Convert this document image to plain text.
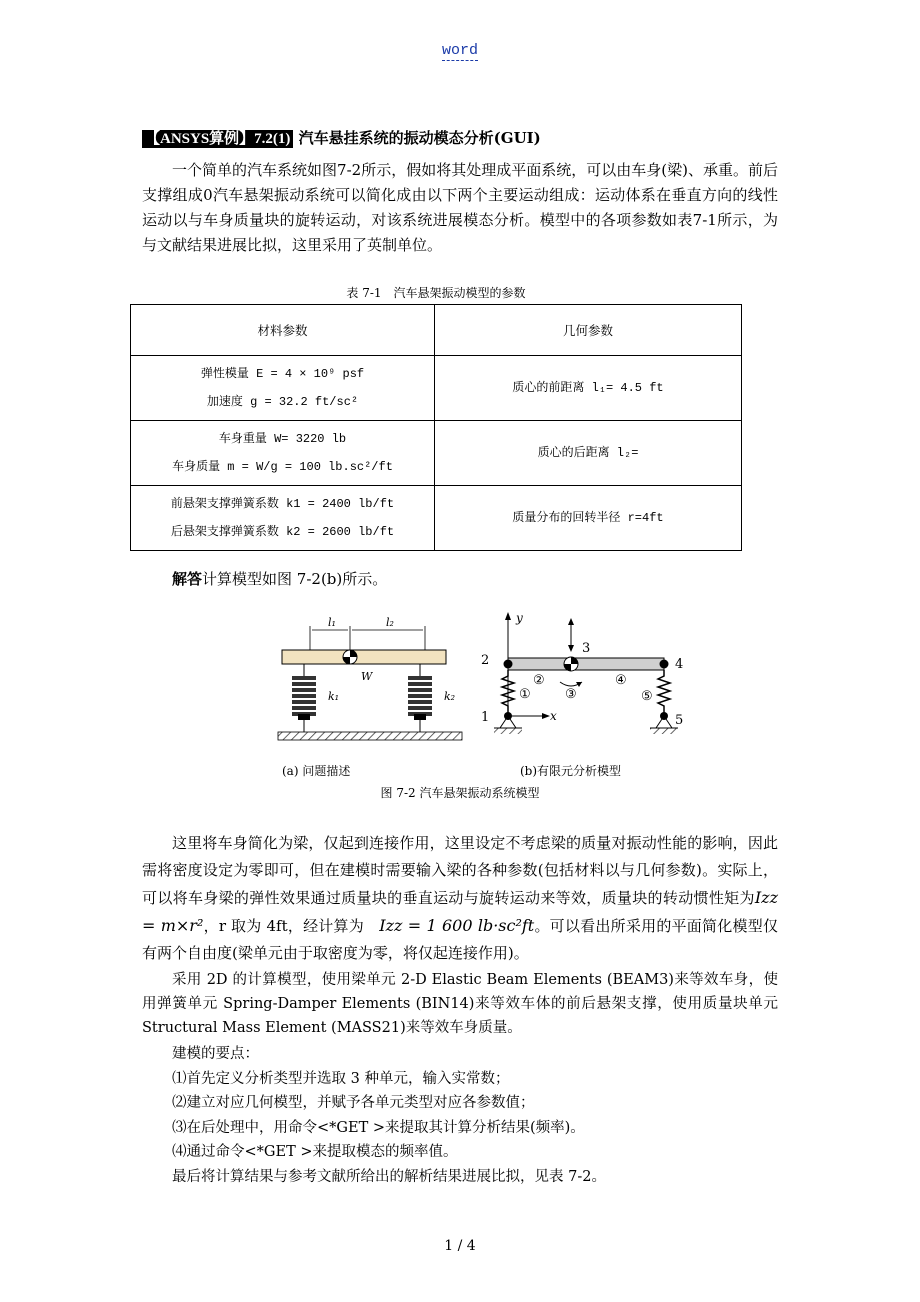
word
【ANSYS算例】7.2(1) 汽车悬挂系统的振动模态分析(GUI)

一个简单的汽车系统如图7-2所示，假如将其处理成平面系统，可以由车身(梁)、承重。前后支撑组成0汽车悬架振动系统可以简化成由以下两个主要运动组成：运动体系在垂直方向的线性运动以与车身质量块的旋转运动，对该系统进展模态分析。模型中的各项参数如表7-1所示，为与文献结果进展比拟，这里采用了英制单位。

表 7-1　汽车悬架振动模型的参数
材料参数	几何参数

弹性模量 E = 4 × 10⁹ psf
加速度 g = 32.2 ft/sc²	质心的前距离 l₁= 4.5 ft

车身重量 W= 3220 lb
车身质量 m = W/g = 100 lb.sc²/ft	质心的后距离 l₂=

前悬架支撑弹簧系数 k1 = 2400 lb/ft
后悬架支撑弹簧系数 k2 = 2600 lb/ft	质量分布的回转半径 r=4ft
解答计算模型如图 7-2(b)所示。
l₁	l₂
W
k₁	k₂
y
x
1
2
3
4
5
①
②
③
④
⑤
(a) 问题描述	(b)有限元分析模型
图 7-2 汽车悬架振动系统模型

这里将车身简化为梁，仅起到连接作用，这里设定不考虑梁的质量对振动性能的影响，因此需将密度设定为零即可，但在建模时需要输入梁的各种参数(包括材料以与几何参数)。实际上，可以将车身梁的弹性效果通过质量块的垂直运动与旋转运动来等效，质量块的转动惯性矩为Izz = m×r²，r 取为 4ft，经计算为　 Izz = 1 600 lb·sc²ft。可以看出所采用的平面简化模型仅有两个自由度(梁单元由于取密度为零，将仅起连接作用)。

采用 2D 的计算模型，使用梁单元 2-D Elastic Beam Elements (BEAM3)来等效车身，使用弹簧单元 Spring-Damper Elements (BIN14)来等效车体的前后悬架支撑，使用质量块单元 Structural Mass Element (MASS21)来等效车身质量。

建模的要点：
⑴首先定义分析类型并选取 3 种单元，输入实常数；
⑵建立对应几何模型，并赋予各单元类型对应各参数值；
⑶在后处理中，用命令<*GET >来提取其计算分析结果(频率)。
⑷通过命令<*GET >来提取模态的频率值。
最后将计算结果与参考文献所给出的解析结果进展比拟，见表 7-2。
1 / 4
